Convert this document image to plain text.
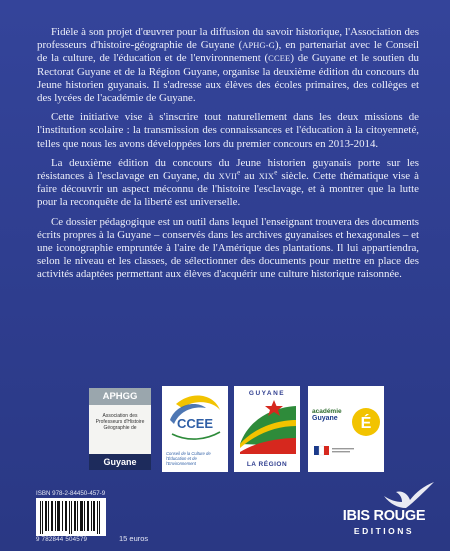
Fidèle à son projet d'œuvrer pour la diffusion du savoir historique, l'Association des professeurs d'histoire-géographie de Guyane (APHG-G), en partenariat avec le Conseil de la culture, de l'éducation et de l'environnement (CCEE) de Guyane et le soutien du Rectorat Guyane et de la Région Guyane, organise la deuxième édition du concours du Jeune historien guyanais. Il s'adresse aux élèves des écoles primaires, des collèges et des lycées de l'académie de Guyane.

Cette initiative vise à s'inscrire tout naturellement dans les deux missions de l'institution scolaire : la transmission des connaissances et l'éducation à la citoyenneté, telles que nous les avons développées lors du premier concours en 2013-2014.

La deuxième édition du concours du Jeune historien guyanais porte sur les résistances à l'esclavage en Guyane, du XVIIe au XIXe siècle. Cette thématique vise à faire découvrir un aspect méconnu de l'histoire l'esclavage, et à montrer que la lutte pour la reconquête de la liberté est universelle.

Ce dossier pédagogique est un outil dans lequel l'enseignant trouvera des documents écrits propres à la Guyane – conservés dans les archives guyanaises et hexagonales – et une iconographie empruntée à l'aire de l'Amérique des plantations. Il lui appartiendra, selon le niveau et les classes, de sélectionner des documents pour mettre en place des activités adaptées permettant aux élèves d'acquérir une culture historique raisonnée.

APHGG
Association des Professeurs d'Histoire Géographie de
Guyane
CCEE
Conseil de la Culture de l'Éducation et de l'Environnement
GUYANE
LA RÉGION
académie
Guyane	É
ISBN 978-2-84450-457-9
9 782844 504579	15 euros
IBIS ROUGE
EDITIONS
